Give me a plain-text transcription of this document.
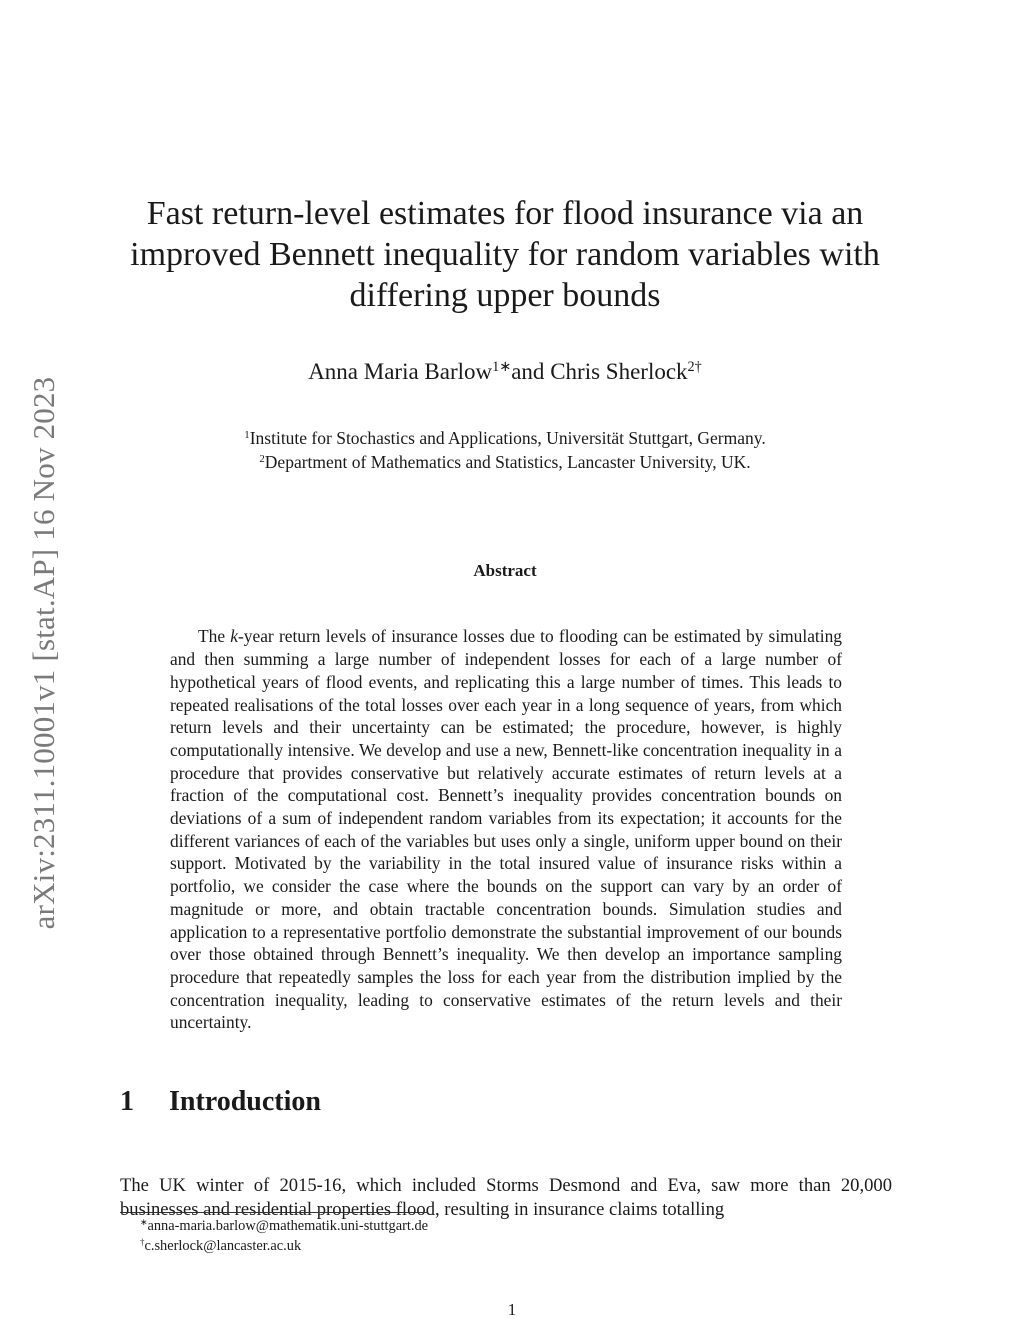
arXiv:2311.10001v1 [stat.AP] 16 Nov 2023
Fast return-level estimates for flood insurance via an improved Bennett inequality for random variables with differing upper bounds
Anna Maria Barlow$^{1∗}$and Chris Sherlock$^{2\dagger}$
$^1$Institute for Stochastics and Applications, Universität Stuttgart, Germany.
$^2$Department of Mathematics and Statistics, Lancaster University, UK.
Abstract

The k-year return levels of insurance losses due to flooding can be estimated by simulating and then summing a large number of independent losses for each of a large number of hypothetical years of flood events, and replicating this a large number of times. This leads to repeated realisations of the total losses over each year in a long sequence of years, from which return levels and their uncertainty can be estimated; the procedure, however, is highly computationally intensive. We develop and use a new, Bennett-like concentration inequality in a procedure that provides conservative but relatively accurate estimates of return levels at a fraction of the computational cost. Bennett’s inequality provides concentration bounds on deviations of a sum of independent random variables from its expectation; it accounts for the different variances of each of the variables but uses only a single, uniform upper bound on their support. Motivated by the variability in the total insured value of insurance risks within a portfolio, we consider the case where the bounds on the support can vary by an order of magnitude or more, and obtain tractable concentration bounds. Simulation studies and application to a representative portfolio demonstrate the substantial improvement of our bounds over those obtained through Bennett’s inequality. We then develop an importance sampling procedure that repeatedly samples the loss for each year from the distribution implied by the concentration inequality, leading to conservative estimates of the return levels and their uncertainty.

1 Introduction

The UK winter of 2015-16, which included Storms Desmond and Eva, saw more than 20,000 businesses and residential properties flood, resulting in insurance claims totalling

∗anna-maria.barlow@mathematik.uni-stuttgart.de
†c.sherlock@lancaster.ac.uk
1
